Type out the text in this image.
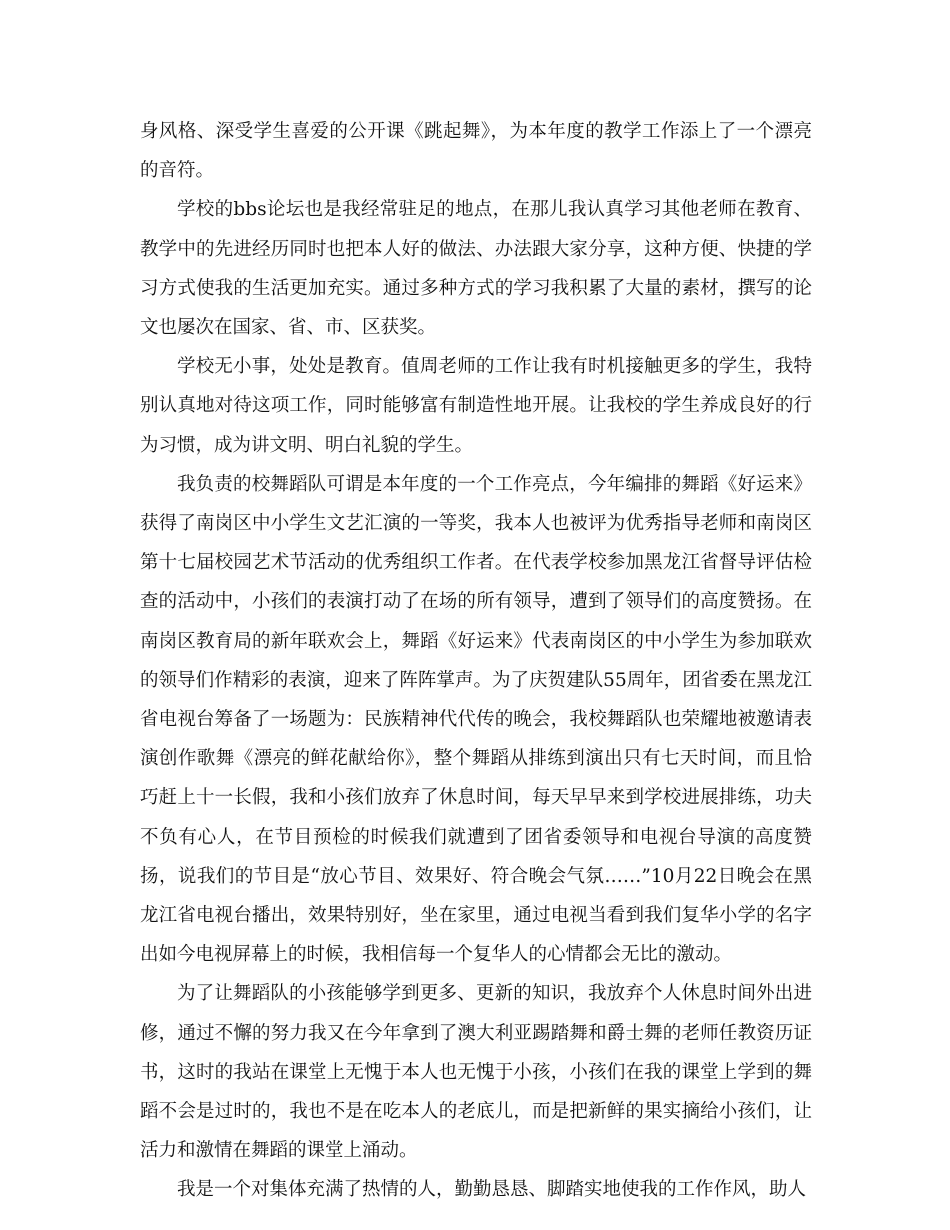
身风格、深受学生喜爱的公开课《跳起舞》，为本年度的教学工作添上了一个漂亮的音符。

学校的bbs论坛也是我经常驻足的地点，在那儿我认真学习其他老师在教育、教学中的先进经历同时也把本人好的做法、办法跟大家分享，这种方便、快捷的学习方式使我的生活更加充实。通过多种方式的学习我积累了大量的素材，撰写的论文也屡次在国家、省、市、区获奖。

学校无小事，处处是教育。值周老师的工作让我有时机接触更多的学生，我特别认真地对待这项工作，同时能够富有制造性地开展。让我校的学生养成良好的行为习惯，成为讲文明、明白礼貌的学生。

我负责的校舞蹈队可谓是本年度的一个工作亮点，今年编排的舞蹈《好运来》获得了南岗区中小学生文艺汇演的一等奖，我本人也被评为优秀指导老师和南岗区第十七届校园艺术节活动的优秀组织工作者。在代表学校参加黑龙江省督导评估检查的活动中，小孩们的表演打动了在场的所有领导，遭到了领导们的高度赞扬。在南岗区教育局的新年联欢会上，舞蹈《好运来》代表南岗区的中小学生为参加联欢的领导们作精彩的表演，迎来了阵阵掌声。为了庆贺建队55周年，团省委在黑龙江省电视台筹备了一场题为：民族精神代代传的晚会，我校舞蹈队也荣耀地被邀请表演创作歌舞《漂亮的鲜花献给你》，整个舞蹈从排练到演出只有七天时间，而且恰巧赶上十一长假，我和小孩们放弃了休息时间，每天早早来到学校进展排练，功夫不负有心人，在节目预检的时候我们就遭到了团省委领导和电视台导演的高度赞扬，说我们的节目是“放心节目、效果好、符合晚会气氛……”10月22日晚会在黑龙江省电视台播出，效果特别好，坐在家里，通过电视当看到我们复华小学的名字出如今电视屏幕上的时候，我相信每一个复华人的心情都会无比的激动。

为了让舞蹈队的小孩能够学到更多、更新的知识，我放弃个人休息时间外出进修，通过不懈的努力我又在今年拿到了澳大利亚踢踏舞和爵士舞的老师任教资历证书，这时的我站在课堂上无愧于本人也无愧于小孩，小孩们在我的课堂上学到的舞蹈不会是过时的，我也不是在吃本人的老底儿，而是把新鲜的果实摘给小孩们，让活力和激情在舞蹈的课堂上涌动。

我是一个对集体充满了热情的人，勤勤恳恳、脚踏实地使我的工作作风，助人
